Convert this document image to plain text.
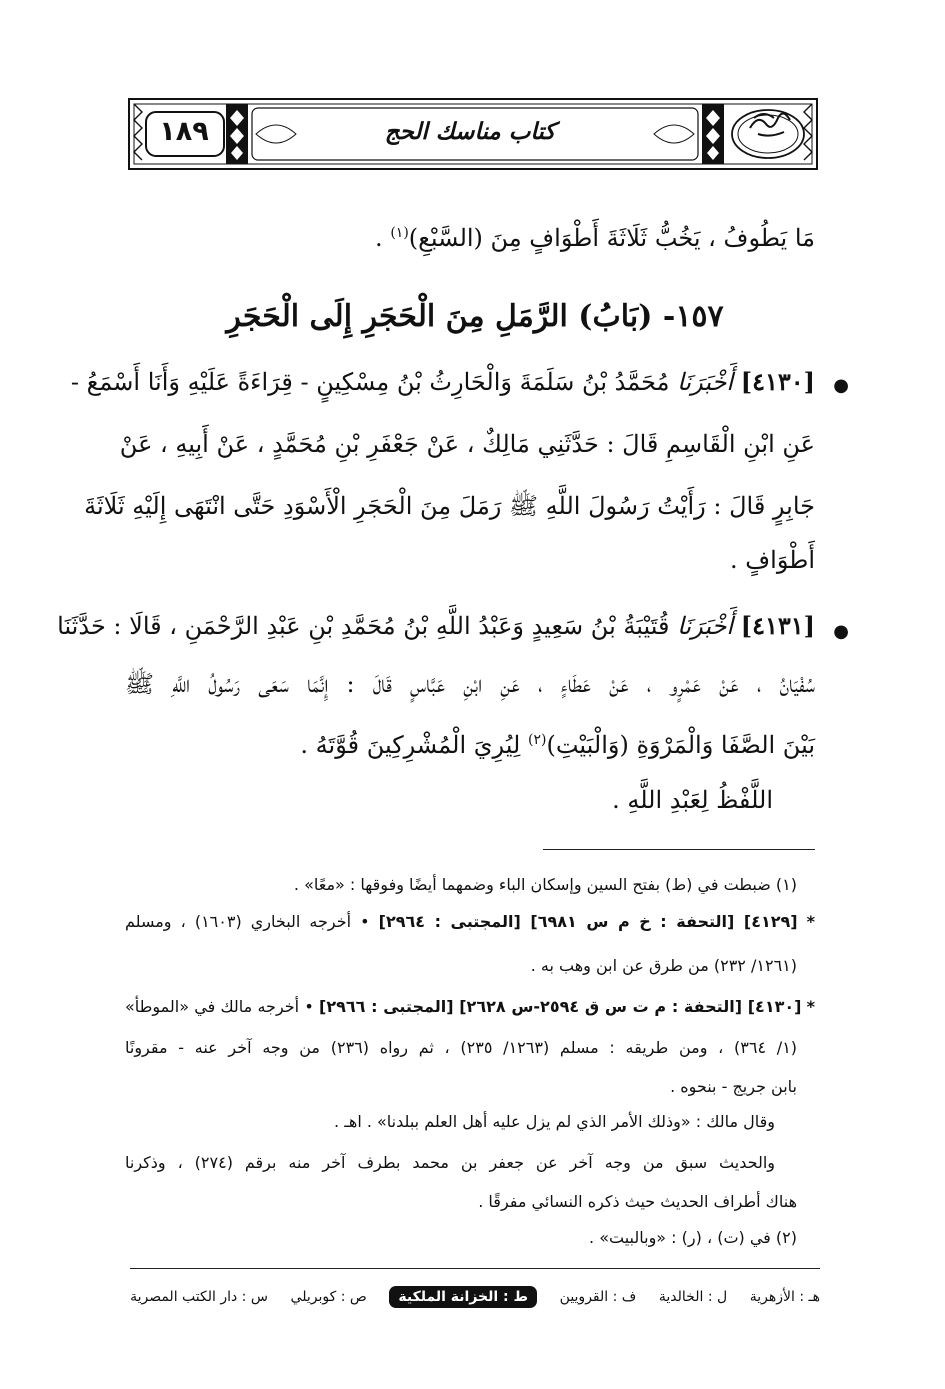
١٨٩	كتاب مناسك الحج
مَا يَطُوفُ ، يَخُبُّ ثَلَاثَةَ أَطْوَافٍ مِنَ (السَّبْعِ)$^{(١)}$ .
١٥٧- (بَابُ) الرَّمَلِ مِنَ الْحَجَرِ إِلَى الْحَجَرِ
●
[٤١٣٠] أَخْبَرَنَا مُحَمَّدُ بْنُ سَلَمَةَ وَالْحَارِثُ بْنُ مِسْكِينٍ - قِرَاءَةً عَلَيْهِ وَأَنَا أَسْمَعُ -
عَنِ ابْنِ الْقَاسِمِ قَالَ : حَدَّثَنِي مَالِكٌ ، عَنْ جَعْفَرِ بْنِ مُحَمَّدٍ ، عَنْ أَبِيهِ ، عَنْ
جَابِرٍ قَالَ : رَأَيْتُ رَسُولَ اللَّهِ ﷺ رَمَلَ مِنَ الْحَجَرِ الْأَسْوَدِ حَتَّى انْتَهَى إِلَيْهِ ثَلَاثَةَ
أَطْوَافٍ .
●
[٤١٣١] أَخْبَرَنَا قُتَيْبَةُ بْنُ سَعِيدٍ وَعَبْدُ اللَّهِ بْنُ مُحَمَّدِ بْنِ عَبْدِ الرَّحْمَنِ ، قَالَا : حَدَّثَنَا
سُفْيَانُ ، عَنْ عَمْرٍو ، عَنْ عَطَاءٍ ، عَنِ ابْنِ عَبَّاسٍ قَالَ : إِنَّمَا سَعَى رَسُولُ اللَّهِ ﷺ
بَيْنَ الصَّفَا وَالْمَرْوَةِ (وَالْبَيْتِ)$^{(٢)}$ لِيُرِيَ الْمُشْرِكِينَ قُوَّتَهُ .
اللَّفْظُ لِعَبْدِ اللَّهِ .
(١) ضبطت في (ط) بفتح السين وإسكان الباء وضمهما أيضًا وفوقها : «معًا» .
* [٤١٢٩] [التحفة : خ م س ٦٩٨١] [المجتبى : ٢٩٦٤] • أخرجه البخاري (١٦٠٣) ، ومسلم
(١٢٦١/ ٢٣٢) من طرق عن ابن وهب به .
* [٤١٣٠] [التحفة : م ت س ق ٢٥٩٤-س ٢٦٢٨] [المجتبى : ٢٩٦٦] • أخرجه مالك في «الموطأ»
(١/ ٣٦٤) ، ومن طريقه : مسلم (١٢٦٣/ ٢٣٥) ، ثم رواه (٢٣٦) من وجه آخر عنه - مقرونًا
بابن جريج - بنحوه .
وقال مالك : «وذلك الأمر الذي لم يزل عليه أهل العلم ببلدنا» . اهـ .
والحديث سبق من وجه آخر عن جعفر بن محمد بطرف آخر منه برقم (٢٧٤) ، وذكرنا
هناك أطراف الحديث حيث ذكره النسائي مفرقًا .
(٢) في (ت) ، (ر) : «وبالبيت» .
س : دار الكتب المصرية ص : كوبريلي	ط : الخزانة الملكية	ف : القرويين ل : الخالدية هـ : الأزهرية
